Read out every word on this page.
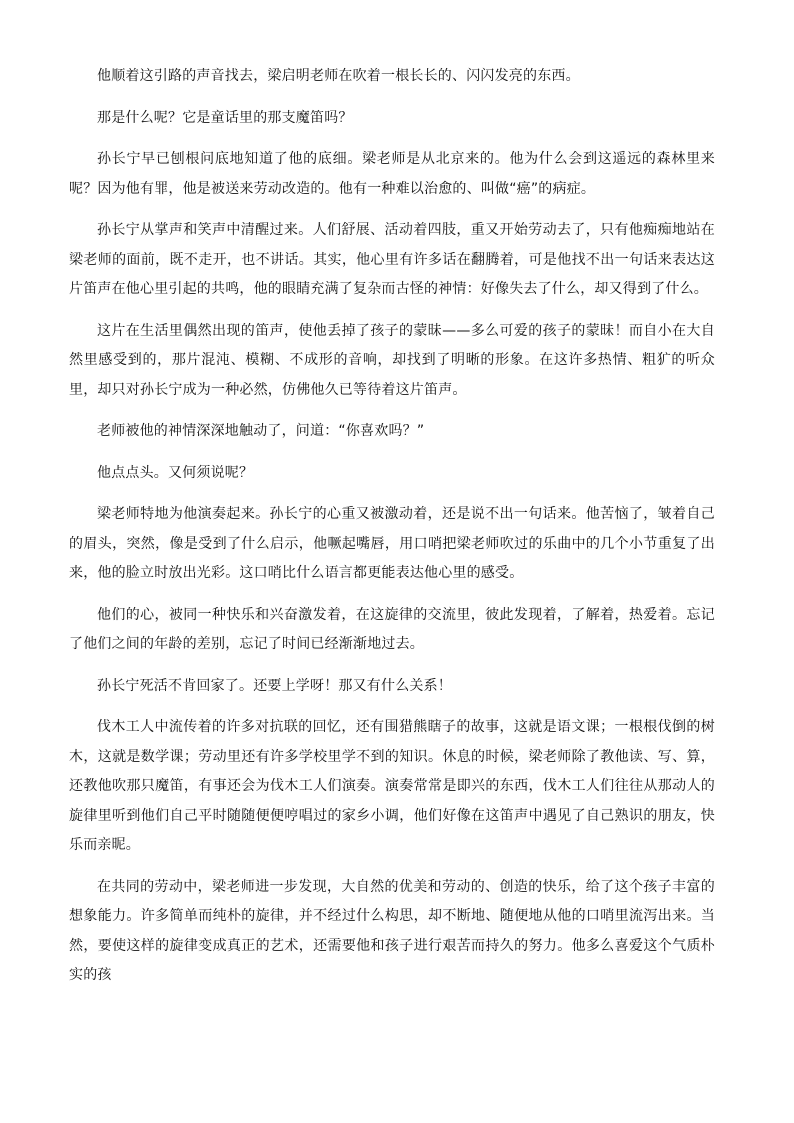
他顺着这引路的声音找去，梁启明老师在吹着一根长长的、闪闪发亮的东西。

那是什么呢？它是童话里的那支魔笛吗？

孙长宁早已刨根问底地知道了他的底细。梁老师是从北京来的。他为什么会到这遥远的森林里来呢？因为他有罪，他是被送来劳动改造的。他有一种难以治愈的、叫做“癌”的病症。

孙长宁从掌声和笑声中清醒过来。人们舒展、活动着四肢，重又开始劳动去了，只有他痴痴地站在梁老师的面前，既不走开，也不讲话。其实，他心里有许多话在翻腾着，可是他找不出一句话来表达这片笛声在他心里引起的共鸣，他的眼睛充满了复杂而古怪的神情：好像失去了什么，却又得到了什么。

这片在生活里偶然出现的笛声，使他丢掉了孩子的蒙昧——多么可爱的孩子的蒙昧！而自小在大自然里感受到的，那片混沌、模糊、不成形的音响，却找到了明晰的形象。在这许多热情、粗犷的听众里，却只对孙长宁成为一种必然，仿佛他久已等待着这片笛声。

老师被他的神情深深地触动了，问道：“你喜欢吗？”

他点点头。又何须说呢？

梁老师特地为他演奏起来。孙长宁的心重又被激动着，还是说不出一句话来。他苦恼了，皱着自己的眉头，突然，像是受到了什么启示，他噘起嘴唇，用口哨把梁老师吹过的乐曲中的几个小节重复了出来，他的脸立时放出光彩。这口哨比什么语言都更能表达他心里的感受。

他们的心，被同一种快乐和兴奋激发着，在这旋律的交流里，彼此发现着，了解着，热爱着。忘记了他们之间的年龄的差别，忘记了时间已经渐渐地过去。

孙长宁死活不肯回家了。还要上学呀！那又有什么关系！

伐木工人中流传着的许多对抗联的回忆，还有围猎熊瞎子的故事，这就是语文课；一根根伐倒的树木，这就是数学课；劳动里还有许多学校里学不到的知识。休息的时候，梁老师除了教他读、写、算，还教他吹那只魔笛，有事还会为伐木工人们演奏。演奏常常是即兴的东西，伐木工人们往往从那动人的旋律里听到他们自己平时随随便便哼唱过的家乡小调，他们好像在这笛声中遇见了自己熟识的朋友，快乐而亲昵。

在共同的劳动中，梁老师进一步发现，大自然的优美和劳动的、创造的快乐，给了这个孩子丰富的想象能力。许多简单而纯朴的旋律，并不经过什么构思，却不断地、随便地从他的口哨里流泻出来。当然，要使这样的旋律变成真正的艺术，还需要他和孩子进行艰苦而持久的努力。他多么喜爱这个气质朴实的孩
